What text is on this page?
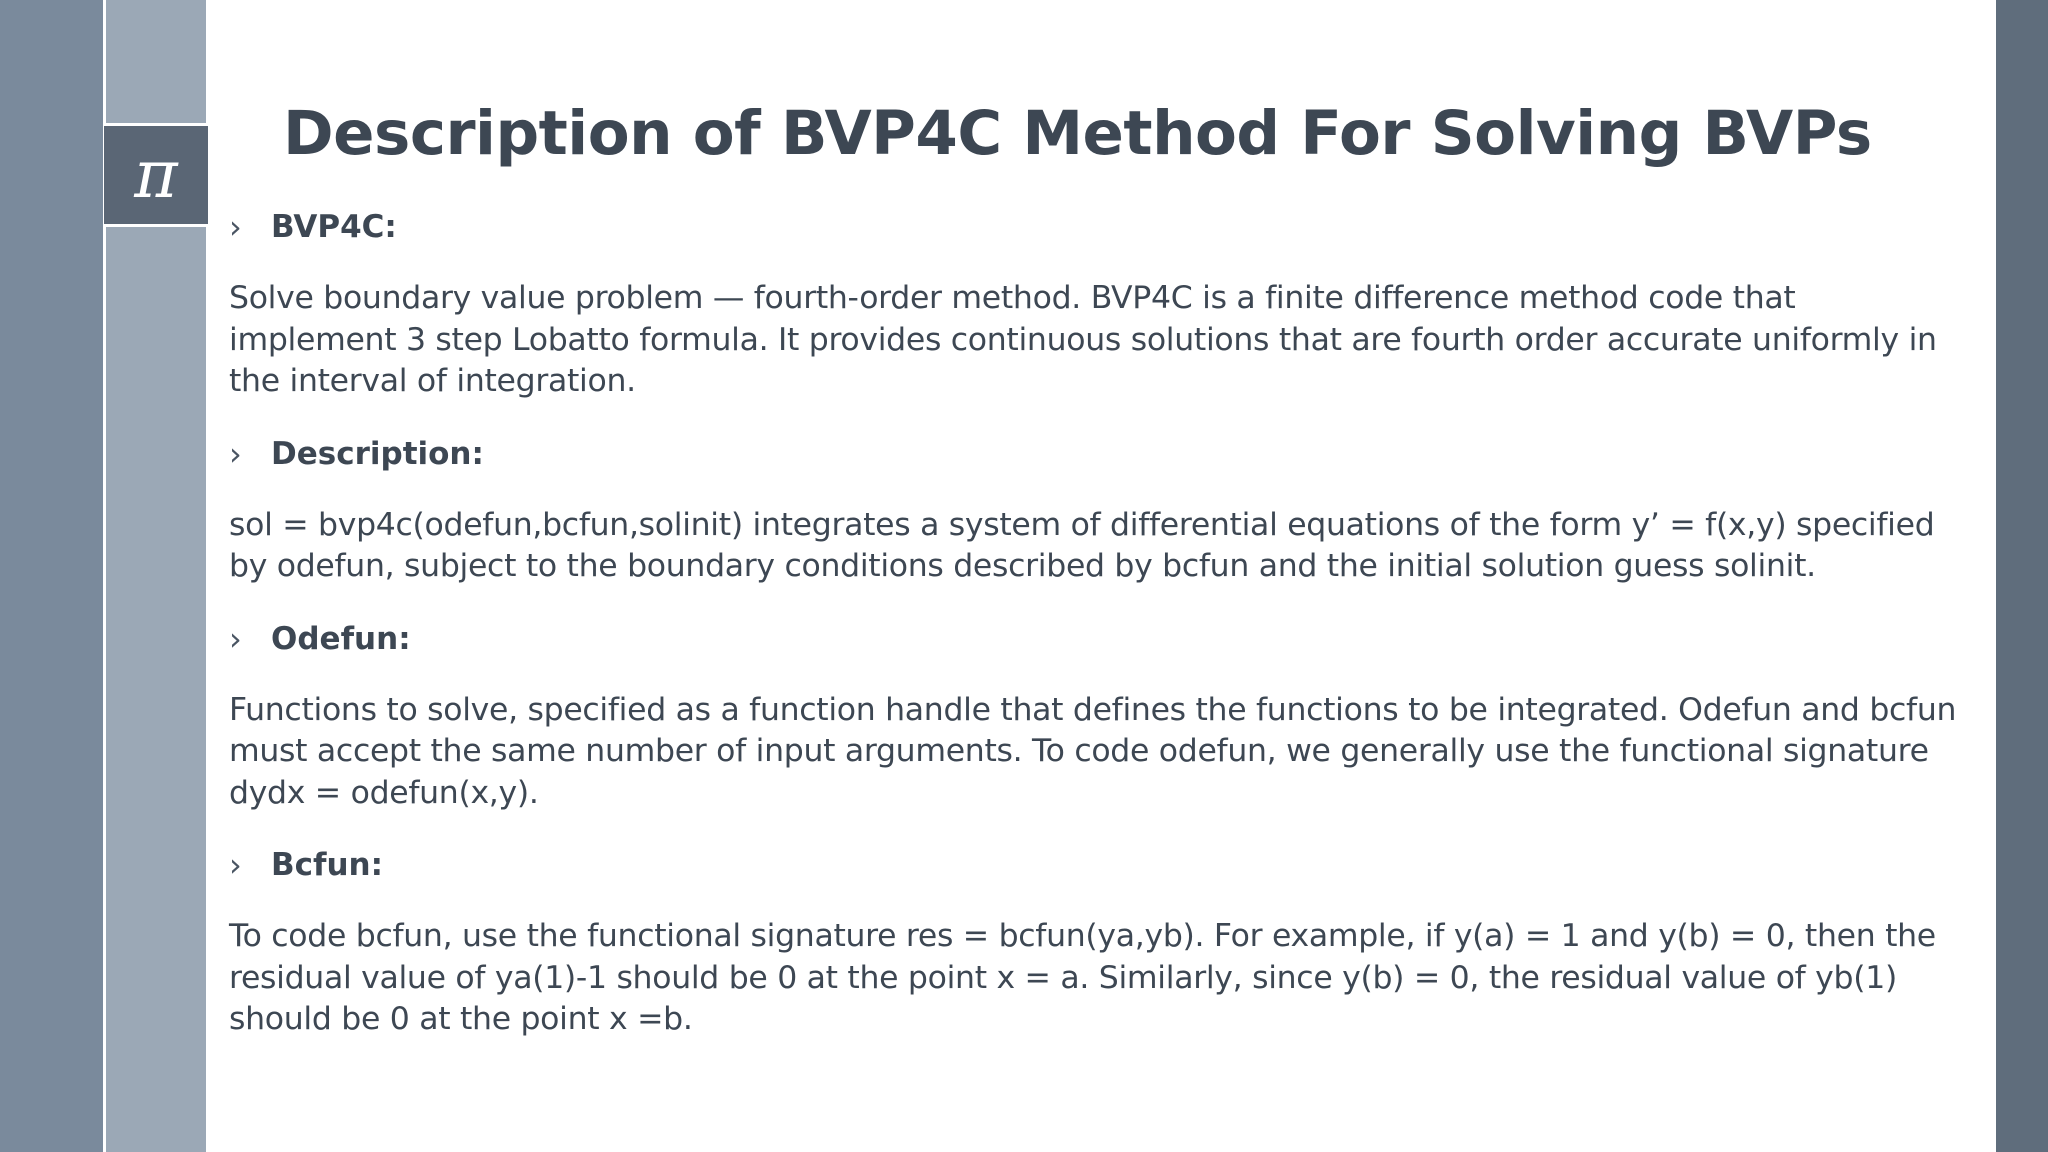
π
Description of BVP4C Method For Solving BVPs
› BVP4C:

Solve boundary value problem — fourth-order method. BVP4C is a finite difference method code that implement 3 step Lobatto formula. It provides continuous solutions that are fourth order accurate uniformly in the interval of integration.

› Description:

sol = bvp4c(odefun,bcfun,solinit) integrates a system of differential equations of the form y’ = f(x,y) specified by odefun, subject to the boundary conditions described by bcfun and the initial solution guess solinit.

› Odefun:

Functions to solve, specified as a function handle that defines the functions to be integrated. Odefun and bcfun must accept the same number of input arguments. To code odefun, we generally use the functional signature dydx = odefun(x,y).

› Bcfun:

To code bcfun, use the functional signature res = bcfun(ya,yb). For example, if y(a) = 1 and y(b) = 0, then the residual value of ya(1)-1 should be 0 at the point x = a. Similarly, since y(b) = 0, the residual value of yb(1) should be 0 at the point x =b.
